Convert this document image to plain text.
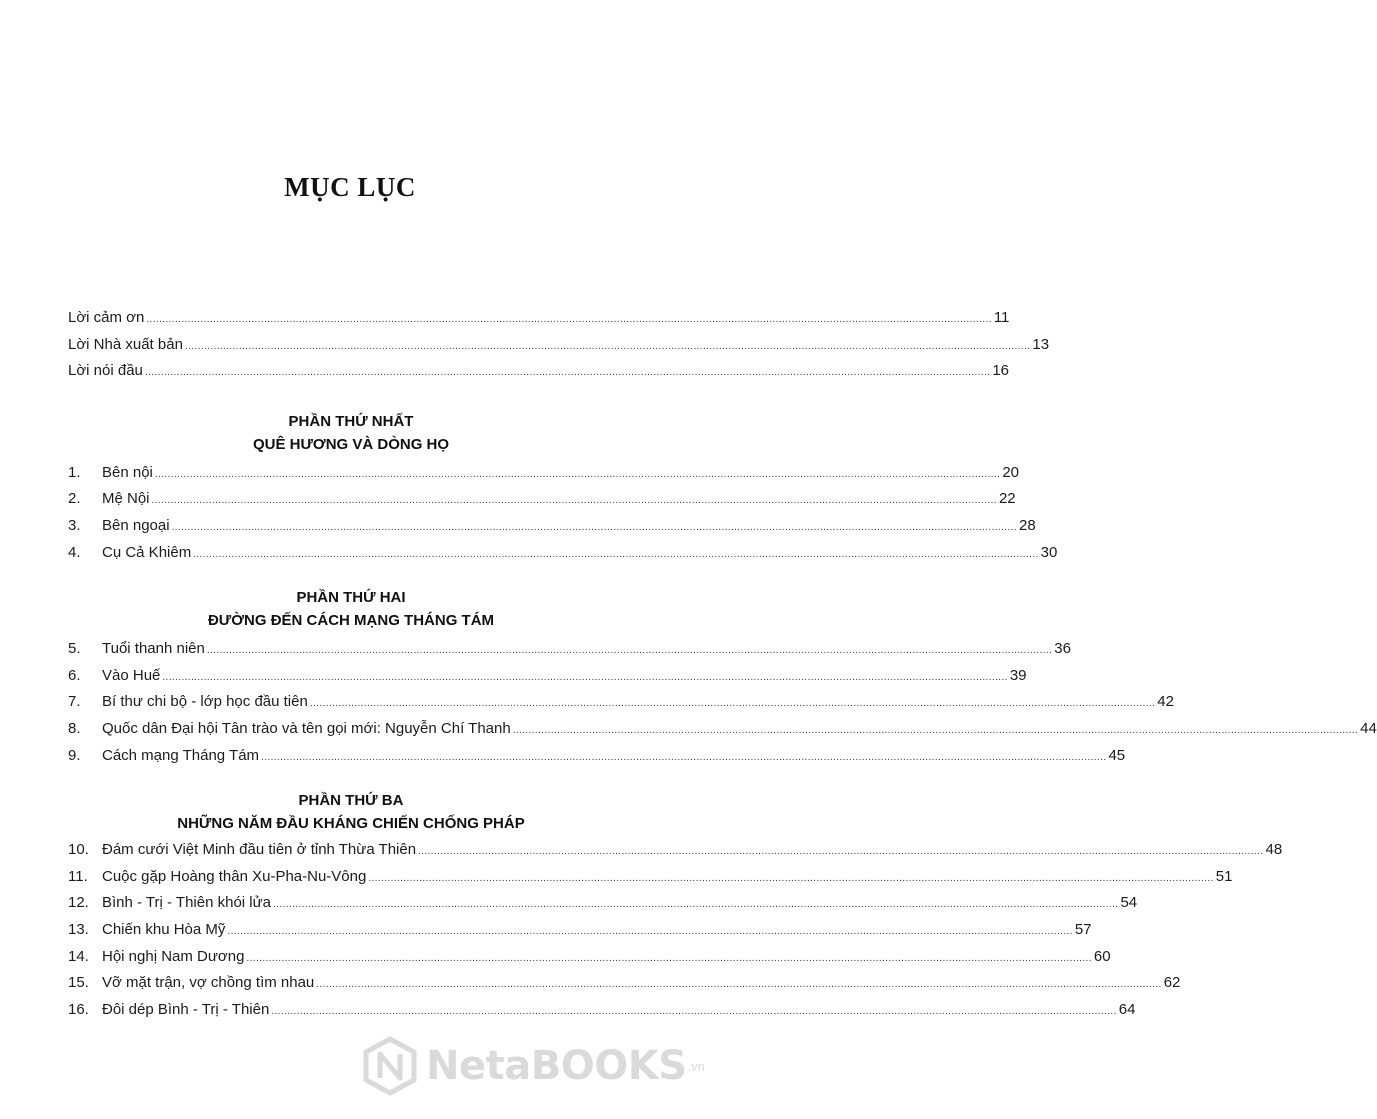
MỤC LỤC
Lời cảm ơn .......................................................................................................................................................................................................................................................................... 11
Lời Nhà xuất bản .......................................................................................................................................................................................................................................................................... 13
Lời nói đầu .......................................................................................................................................................................................................................................................................... 16
PHẦN THỨ NHẤT
QUÊ HƯƠNG VÀ DÒNG HỌ
1.	Bên nội .......................................................................................................................................................................................................................................................................... 20
2.	Mệ Nội .......................................................................................................................................................................................................................................................................... 22
3.	Bên ngoại .......................................................................................................................................................................................................................................................................... 28
4.	Cụ Cả Khiêm .......................................................................................................................................................................................................................................................................... 30
PHẦN THỨ HAI
ĐƯỜNG ĐẾN CÁCH MẠNG THÁNG TÁM
5.	Tuổi thanh niên .......................................................................................................................................................................................................................................................................... 36
6.	Vào Huế .......................................................................................................................................................................................................................................................................... 39
7.	Bí thư chi bộ - lớp học đầu tiên .......................................................................................................................................................................................................................................................................... 42
8.	Quốc dân Đại hội Tân trào và tên gọi mới: Nguyễn Chí Thanh .......................................................................................................................................................................................................................................................................... 44
9.	Cách mạng Tháng Tám .......................................................................................................................................................................................................................................................................... 45
PHẦN THỨ BA
NHỮNG NĂM ĐẦU KHÁNG CHIẾN CHỐNG PHÁP
10. Đám cưới Việt Minh đầu tiên ở tỉnh Thừa Thiên .......................................................................................................................................................................................................................................................................... 48
11. Cuộc gặp Hoàng thân Xu-Pha-Nu-Vông .......................................................................................................................................................................................................................................................................... 51
12. Bình - Trị - Thiên khói lửa .......................................................................................................................................................................................................................................................................... 54
13. Chiến khu Hòa Mỹ .......................................................................................................................................................................................................................................................................... 57
14. Hội nghị Nam Dương .......................................................................................................................................................................................................................................................................... 60
15. Vỡ mặt trận, vợ chồng tìm nhau .......................................................................................................................................................................................................................................................................... 62
16. Đôi dép Bình - Trị - Thiên .......................................................................................................................................................................................................................................................................... 64
NetaBOOKS .vn
